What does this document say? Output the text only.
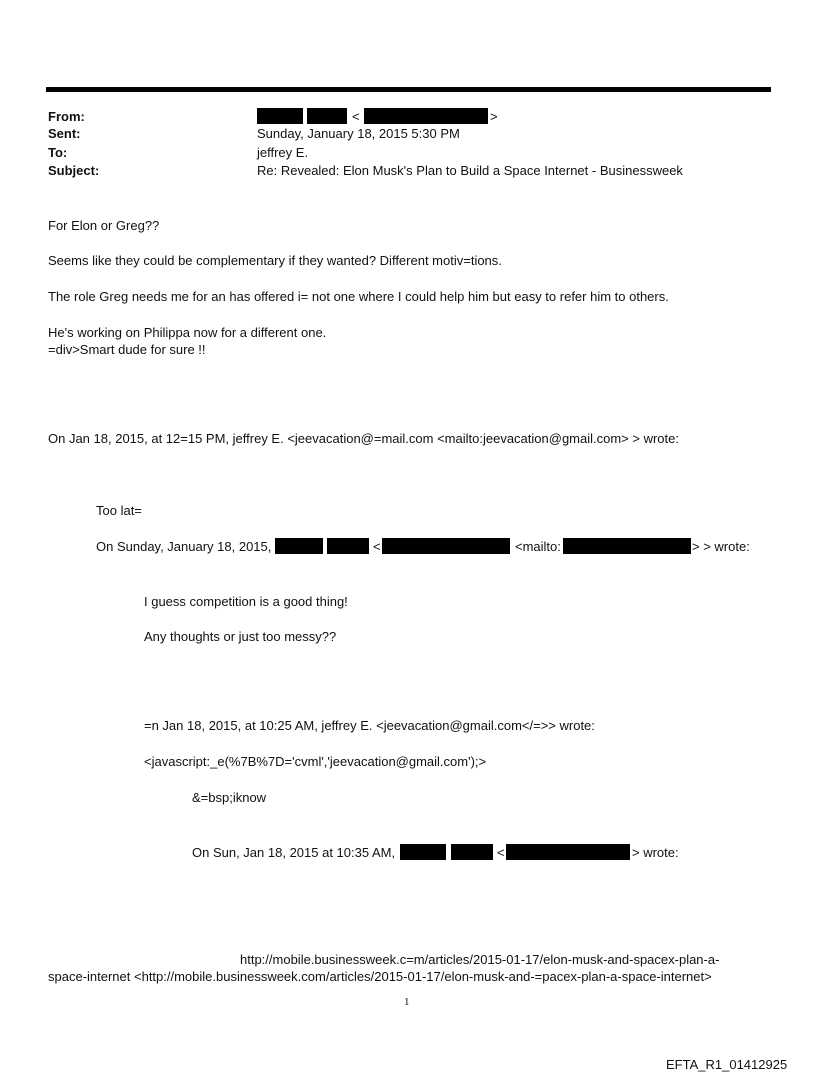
From:	<	>
Sent:	Sunday, January 18, 2015 5:30 PM
To:	jeffrey E.
Subject:	Re: Revealed: Elon Musk's Plan to Build a Space Internet - Businessweek
For Elon or Greg??
Seems like they could be complementary if they wanted? Different motiv=tions.
The role Greg needs me for an has offered i= not one where I could help him but easy to refer him to others.
He's working on Philippa now for a different one.
=div>Smart dude for sure !!
On Jan 18, 2015, at 12=15 PM, jeffrey E. <jeevacation@=mail.com <mailto:jeevacation@gmail.com> > wrote:
Too lat=
On Sunday, January 18, 2015,	<	<mailto:	> > wrote:
I guess competition is a good thing!
Any thoughts or just too messy??
=n Jan 18, 2015, at 10:25 AM, jeffrey E. <jeevacation@gmail.com</=>> wrote:
<javascript:_e(%7B%7D='cvml','jeevacation@gmail.com');>
&=bsp;iknow
On Sun, Jan 18, 2015 at 10:35 AM,	<	> wrote:
http://mobile.businessweek.c=m/articles/2015-01-17/elon-musk-and-spacex-plan-a-
space-internet <http://mobile.businessweek.com/articles/2015-01-17/elon-musk-and-=pacex-plan-a-space-internet>
1
EFTA_R1_01412925
